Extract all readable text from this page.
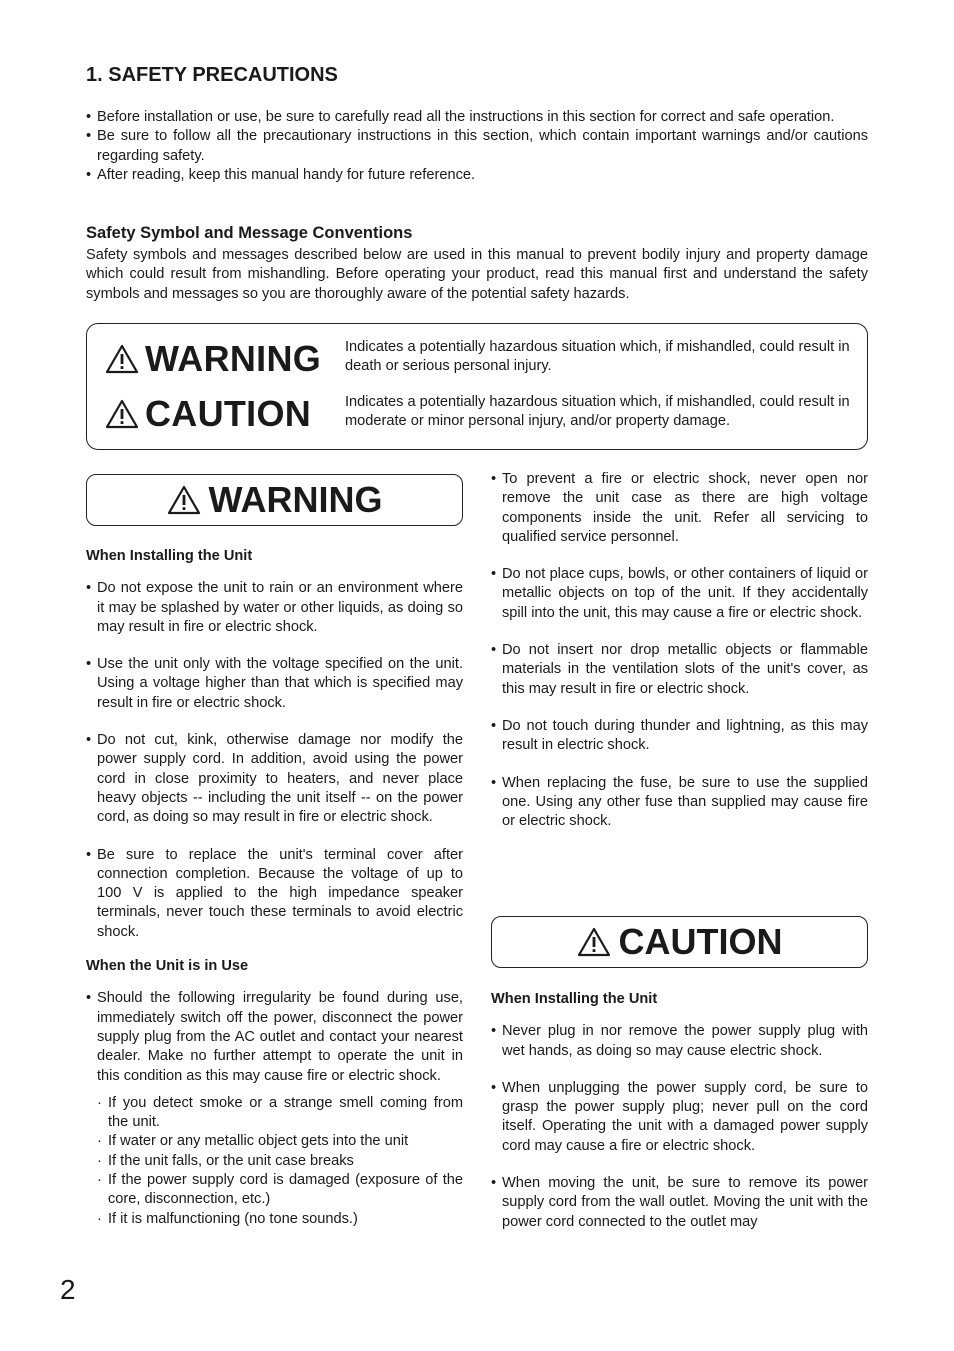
1. SAFETY PRECAUTIONS
• Before installation or use, be sure to carefully read all the instructions in this section for correct and safe operation.
• Be sure to follow all the precautionary instructions in this section, which contain important warnings and/or cautions regarding safety.
• After reading, keep this manual handy for future reference.
Safety Symbol and Message Conventions
Safety symbols and messages described below are used in this manual to prevent bodily injury and property damage which could result from mishandling. Before operating your product, read this manual first and understand the safety symbols and messages so you are thoroughly aware of the potential safety hazards.
WARNING Indicates a potentially hazardous situation which, if mishandled, could result in death or serious personal injury.
CAUTION Indicates a potentially hazardous situation which, if mishandled, could result in moderate or minor personal injury, and/or property damage.
WARNING
When Installing the Unit
• Do not expose the unit to rain or an environment where it may be splashed by water or other liquids, as doing so may result in fire or electric shock.
• Use the unit only with the voltage specified on the unit. Using a voltage higher than that which is specified may result in fire or electric shock.
• Do not cut, kink, otherwise damage nor modify the power supply cord. In addition, avoid using the power cord in close proximity to heaters, and never place heavy objects -- including the unit itself -- on the power cord, as doing so may result in fire or electric shock.
• Be sure to replace the unit's terminal cover after connection completion. Because the voltage of up to 100 V is applied to the high impedance speaker terminals, never touch these terminals to avoid electric shock.
When the Unit is in Use
• Should the following irregularity be found during use, immediately switch off the power, disconnect the power supply plug from the AC outlet and contact your nearest dealer. Make no further attempt to operate the unit in this condition as this may cause fire or electric shock.
· If you detect smoke or a strange smell coming from the unit.
· If water or any metallic object gets into the unit
· If the unit falls, or the unit case breaks
· If the power supply cord is damaged (exposure of the core, disconnection, etc.)
· If it is malfunctioning (no tone sounds.)
• To prevent a fire or electric shock, never open nor remove the unit case as there are high voltage components inside the unit. Refer all servicing to qualified service personnel.
• Do not place cups, bowls, or other containers of liquid or metallic objects on top of the unit. If they accidentally spill into the unit, this may cause a fire or electric shock.
• Do not insert nor drop metallic objects or flammable materials in the ventilation slots of the unit's cover, as this may result in fire or electric shock.
• Do not touch during thunder and lightning, as this may result in electric shock.
• When replacing the fuse, be sure to use the supplied one. Using any other fuse than supplied may cause fire or electric shock.
CAUTION
When Installing the Unit
• Never plug in nor remove the power supply plug with wet hands, as doing so may cause electric shock.
• When unplugging the power supply cord, be sure to grasp the power supply plug; never pull on the cord itself. Operating the unit with a damaged power supply cord may cause a fire or electric shock.
• When moving the unit, be sure to remove its power supply cord from the wall outlet. Moving the unit with the power cord connected to the outlet may
2
